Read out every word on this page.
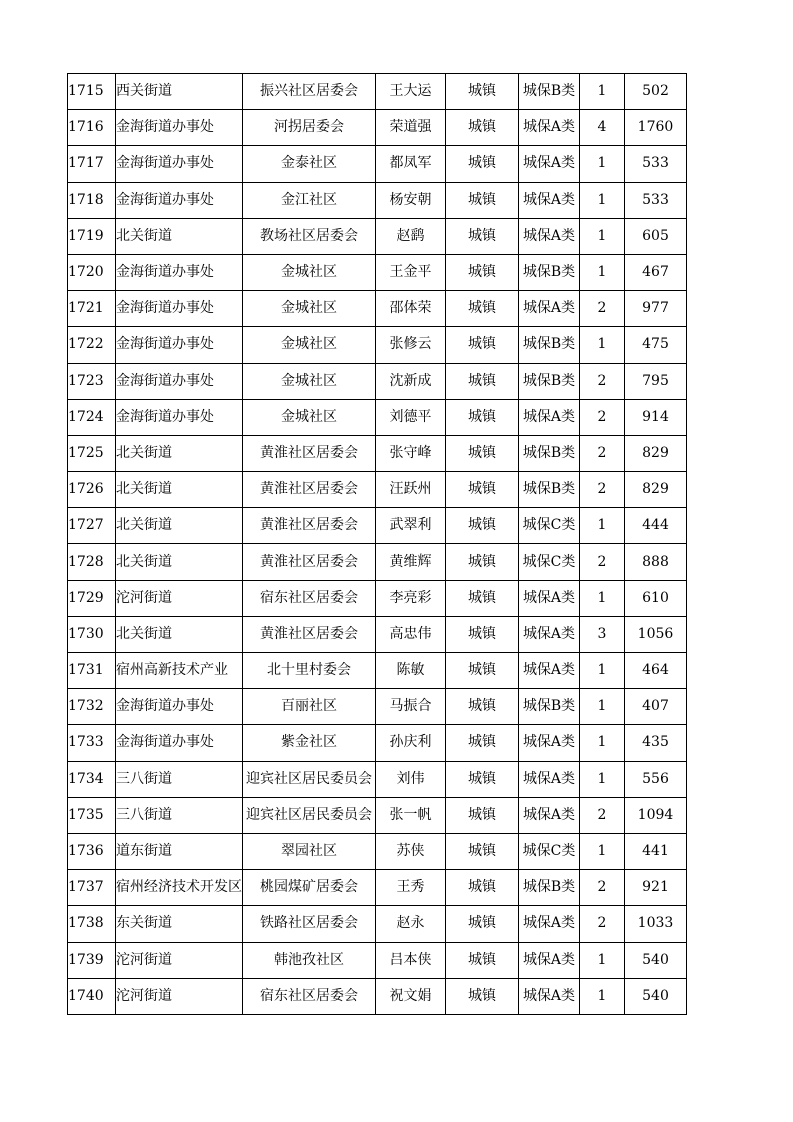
1715	西关街道	振兴社区居委会	王大运	城镇	城保B类	1	502
1716	金海街道办事处	河拐居委会	荣道强	城镇	城保A类	4	1760
1717	金海街道办事处	金泰社区	都凤军	城镇	城保A类	1	533
1718	金海街道办事处	金江社区	杨安朝	城镇	城保A类	1	533
1719	北关街道	教场社区居委会	赵鹞	城镇	城保A类	1	605
1720	金海街道办事处	金城社区	王金平	城镇	城保B类	1	467
1721	金海街道办事处	金城社区	邵体荣	城镇	城保A类	2	977
1722	金海街道办事处	金城社区	张修云	城镇	城保B类	1	475
1723	金海街道办事处	金城社区	沈新成	城镇	城保B类	2	795
1724	金海街道办事处	金城社区	刘德平	城镇	城保A类	2	914
1725	北关街道	黄淮社区居委会	张守峰	城镇	城保B类	2	829
1726	北关街道	黄淮社区居委会	汪跃州	城镇	城保B类	2	829
1727	北关街道	黄淮社区居委会	武翠利	城镇	城保C类	1	444
1728	北关街道	黄淮社区居委会	黄维辉	城镇	城保C类	2	888
1729	沱河街道	宿东社区居委会	李亮彩	城镇	城保A类	1	610
1730	北关街道	黄淮社区居委会	高忠伟	城镇	城保A类	3	1056
1731	宿州高新技术产业	北十里村委会	陈敏	城镇	城保A类	1	464
1732	金海街道办事处	百丽社区	马振合	城镇	城保B类	1	407
1733	金海街道办事处	紫金社区	孙庆利	城镇	城保A类	1	435
1734	三八街道	迎宾社区居民委员会	刘伟	城镇	城保A类	1	556
1735	三八街道	迎宾社区居民委员会	张一帆	城镇	城保A类	2	1094
1736	道东街道	翠园社区	苏侠	城镇	城保C类	1	441
1737	宿州经济技术开发区	桃园煤矿居委会	王秀	城镇	城保B类	2	921
1738	东关街道	铁路社区居委会	赵永	城镇	城保A类	2	1033
1739	沱河街道	韩池孜社区	吕本侠	城镇	城保A类	1	540
1740	沱河街道	宿东社区居委会	祝文娟	城镇	城保A类	1	540
